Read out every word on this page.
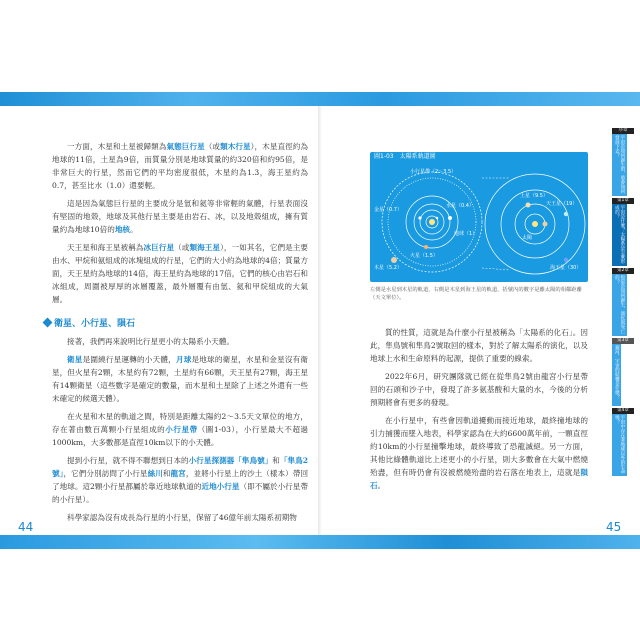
一方面，木星和土星被歸類為氣態巨行星（或類木行星），木星直徑約為地球的11倍，土星為9倍，而質量分別是地球質量的約320倍和約95倍，是非常巨大的行星，然而它們的平均密度很低，木星約為1.3，海王星約為0.7，甚至比水（1.0）還要輕。

這是因為氣態巨行星的主要成分是氫和氦等非常輕的氣體，行星表面沒有堅固的地殼，地球及其他行星主要是由岩石、冰，以及地殼組成，擁有質量約為地球10倍的地核。

天王星和海王星被稱為冰巨行星（或類海王星），一如其名，它們是主要由水、甲烷和氨組成的冰塊組成的行星，它們的大小約為地球的4倍；質量方面，天王星約為地球的14倍，海王星約為地球的17倍，它們的核心由岩石和冰組成，周圍被厚厚的冰層覆蓋，最外層覆有由氫、氦和甲烷組成的大氣層。

衛星、小行星、隕石

接著，我們再來說明比行星更小的太陽系小天體。

衛星是圍繞行星運轉的小天體，月球是地球的衛星，水星和金星沒有衛星，但火星有2顆，木星約有72顆，土星約有66顆，天王星有27顆，海王星有14顆衛星（這些數字是確定的數量，而木星和土星除了上述之外還有一些未確定的候選天體）。

在火星和木星的軌道之間，特別是距離太陽約2～3.5天文單位的地方，存在著由數百萬顆小行星組成的小行星帶（圖1-03），小行星最大不超過1000km，大多數都是直徑10km以下的小天體。

提到小行星，就不得不聯想到日本的小行星探測器「隼鳥號」和「隼鳥2號」，它們分別訪問了小行星絲川和龍宮，並將小行星上的沙土（樣本）帶回了地球。這2顆小行星都屬於靠近地球軌道的近地小行星（即不屬於小行星帶的小行星）。

科學家認為沒有成長為行星的小行星，保留了46億年前太陽系初期物

44
圖1-03　太陽系軌道圖
小行星帶（2〜3.5）
地球（1）
火星（1.5）
金星（0.7）
水星（0.4）
木星（5.2）
天王星（19）
土星（9.5）
海王星（30）
太陽
左側是水星到木星的軌道，右側是木星到海王星的軌道，括號內的數字是離太陽的相鄰距離（天文單位）。

質的性質，這就是為什麼小行星被稱為「太陽系的化石」。因此，隼鳥號和隼鳥2號取回的樣本，對於了解太陽系的演化，以及地球上水和生命原料的起源，提供了重要的線索。

2022年6月，研究團隊就已經在從隼鳥2號由龍宮小行星帶回的石頭和沙子中，發現了許多氨基酸和大量的水，今後的分析預期將會有更多的發現。

在小行星中，有些會因軌道擾動而接近地球，最終撞地球的引力捕獲而墜入地表，科學家認為在大約6600萬年前，一顆直徑約10km的小行星撞擊地球，最終導致了恐龍滅絕。另一方面，其他比綠體軌道比上述更小的小行星，則大多數會在大氣中燃燒殆盡，但有時仍會有沒被燃燒殆盡的岩石落在地表上，這就是隕石。

45
序章
宇宙是如何誕生的，將會如何發展下去？
第1章
宇宙是什麼？太陽系是怎麼形成的？
第2章
恆星是如何誕生、演化與死亡的？
第3章
銀河、宇宙的結構是什麼？
第4章
宇宙中存在著地球以外的生命嗎？
